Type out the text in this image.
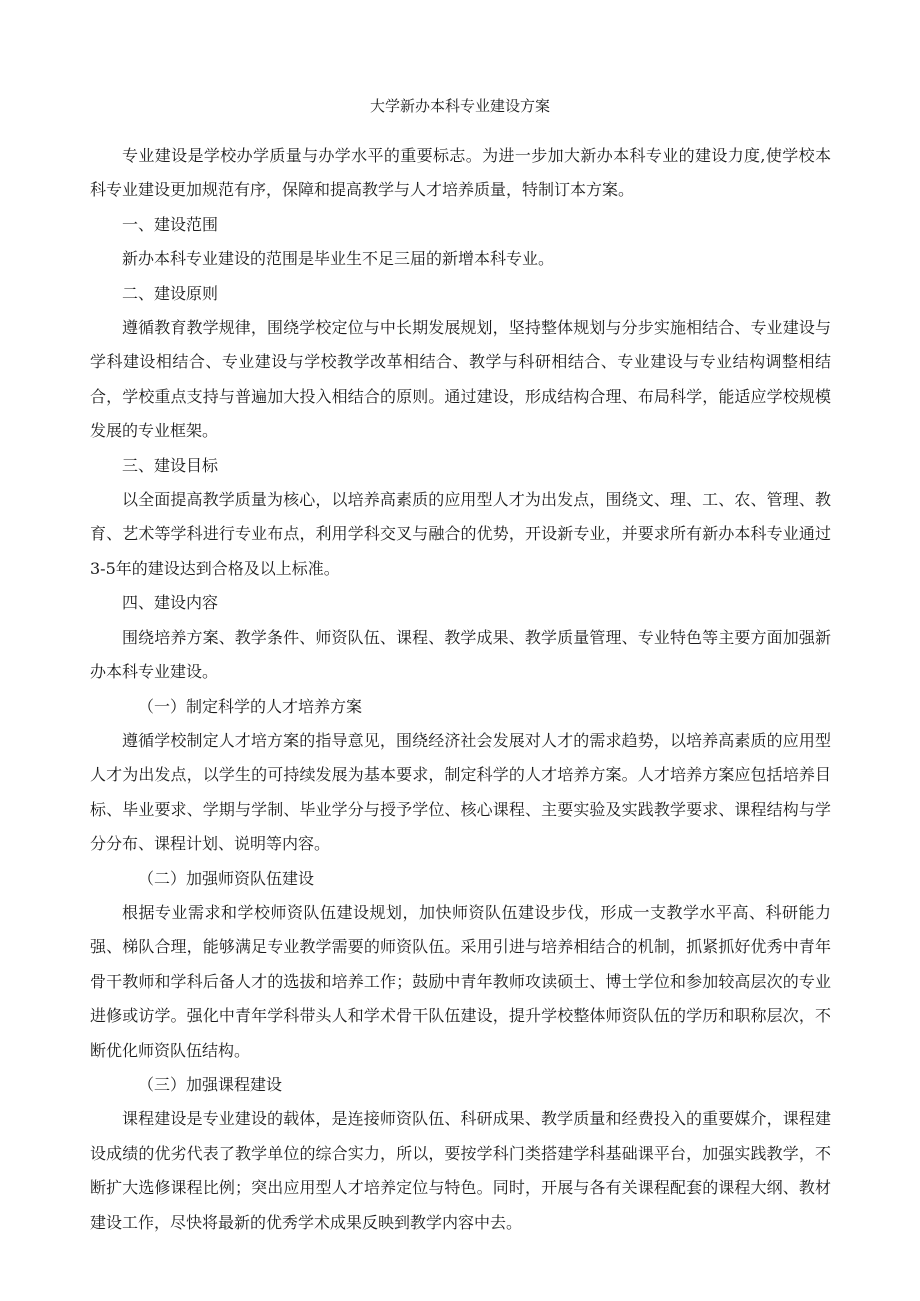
大学新办本科专业建设方案

专业建设是学校办学质量与办学水平的重要标志。为进一步加大新办本科专业的建设力度,使学校本科专业建设更加规范有序，保障和提高教学与人才培养质量，特制订本方案。

一、建设范围

新办本科专业建设的范围是毕业生不足三届的新增本科专业。

二、建设原则

遵循教育教学规律，围绕学校定位与中长期发展规划，坚持整体规划与分步实施相结合、专业建设与学科建设相结合、专业建设与学校教学改革相结合、教学与科研相结合、专业建设与专业结构调整相结合，学校重点支持与普遍加大投入相结合的原则。通过建设，形成结构合理、布局科学，能适应学校规模发展的专业框架。

三、建设目标

以全面提高教学质量为核心，以培养高素质的应用型人才为出发点，围绕文、理、工、农、管理、教育、艺术等学科进行专业布点，利用学科交叉与融合的优势，开设新专业，并要求所有新办本科专业通过3-5年的建设达到合格及以上标准。

四、建设内容

围绕培养方案、教学条件、师资队伍、课程、教学成果、教学质量管理、专业特色等主要方面加强新办本科专业建设。

（一）制定科学的人才培养方案

遵循学校制定人才培方案的指导意见，围绕经济社会发展对人才的需求趋势，以培养高素质的应用型人才为出发点，以学生的可持续发展为基本要求，制定科学的人才培养方案。人才培养方案应包括培养目标、毕业要求、学期与学制、毕业学分与授予学位、核心课程、主要实验及实践教学要求、课程结构与学分分布、课程计划、说明等内容。

（二）加强师资队伍建设

根据专业需求和学校师资队伍建设规划，加快师资队伍建设步伐，形成一支教学水平高、科研能力强、梯队合理，能够满足专业教学需要的师资队伍。采用引进与培养相结合的机制，抓紧抓好优秀中青年骨干教师和学科后备人才的选拔和培养工作；鼓励中青年教师攻读硕士、博士学位和参加较高层次的专业进修或访学。强化中青年学科带头人和学术骨干队伍建设，提升学校整体师资队伍的学历和职称层次，不断优化师资队伍结构。

（三）加强课程建设

课程建设是专业建设的载体，是连接师资队伍、科研成果、教学质量和经费投入的重要媒介，课程建设成绩的优劣代表了教学单位的综合实力，所以，要按学科门类搭建学科基础课平台，加强实践教学，不断扩大选修课程比例；突出应用型人才培养定位与特色。同时，开展与各有关课程配套的课程大纲、教材建设工作，尽快将最新的优秀学术成果反映到教学内容中去。
